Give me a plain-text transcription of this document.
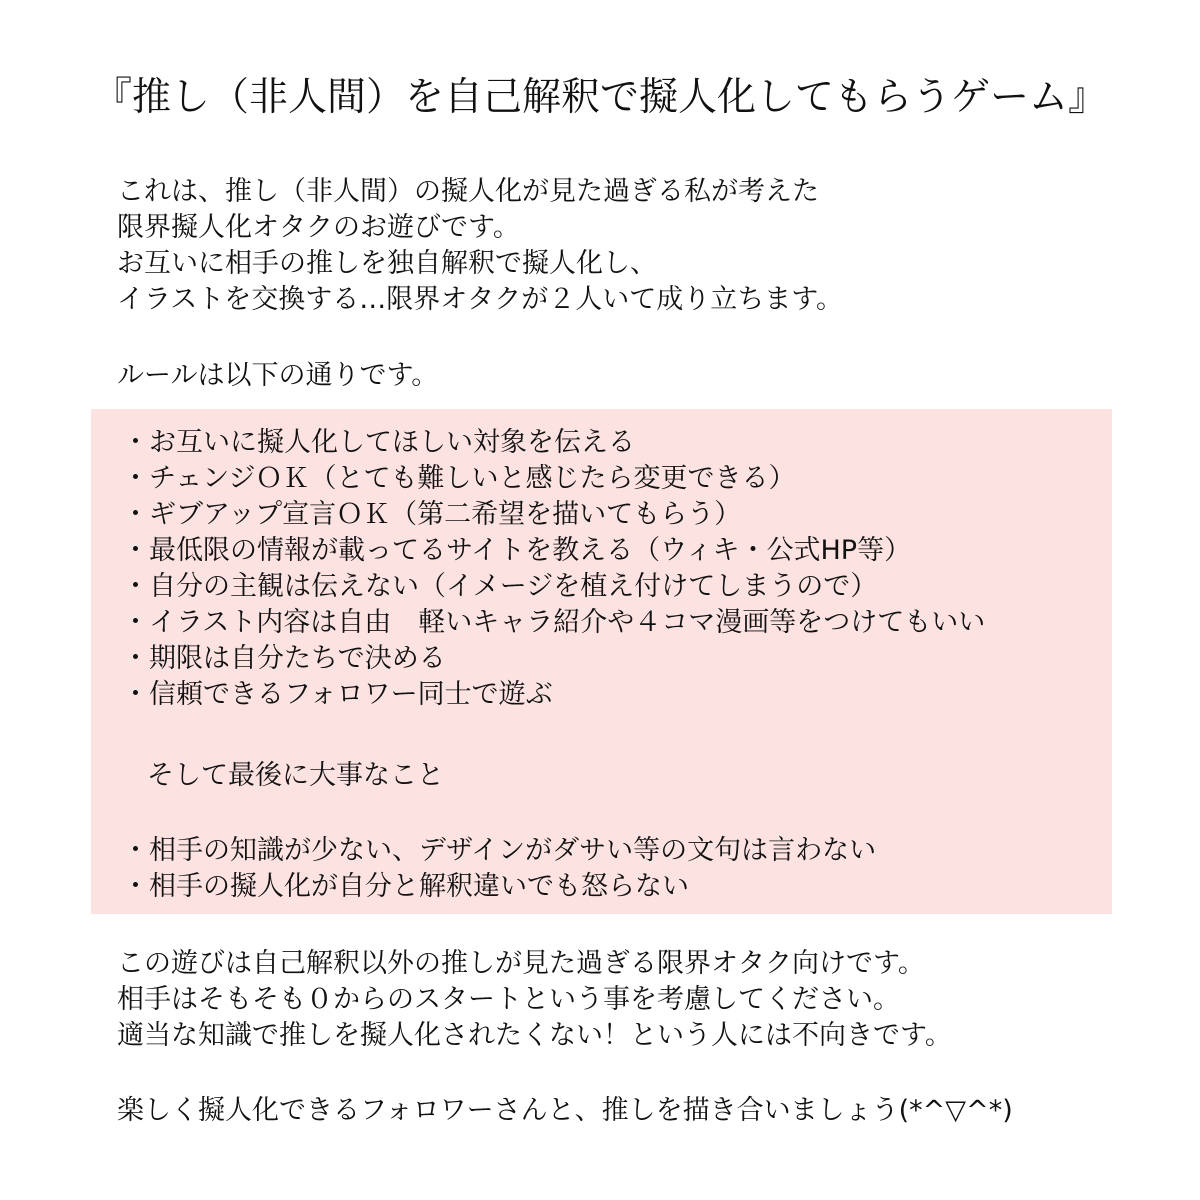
『推し（非人間）を自己解釈で擬人化してもらうゲーム』
これは、推し（非人間）の擬人化が見た過ぎる私が考えた
限界擬人化オタクのお遊びです。
お互いに相手の推しを独自解釈で擬人化し、
イラストを交換する…限界オタクが２人いて成り立ちます。
ルールは以下の通りです。
・お互いに擬人化してほしい対象を伝える
・チェンジＯＫ（とても難しいと感じたら変更できる）
・ギブアップ宣言ＯＫ（第二希望を描いてもらう）
・最低限の情報が載ってるサイトを教える（ウィキ・公式HP等）
・自分の主観は伝えない（イメージを植え付けてしまうので）
・イラスト内容は自由　軽いキャラ紹介や４コマ漫画等をつけてもいい
・期限は自分たちで決める
・信頼できるフォロワー同士で遊ぶ
そして最後に大事なこと
・相手の知識が少ない、デザインがダサい等の文句は言わない
・相手の擬人化が自分と解釈違いでも怒らない
この遊びは自己解釈以外の推しが見た過ぎる限界オタク向けです。
相手はそもそも０からのスタートという事を考慮してください。
適当な知識で推しを擬人化されたくない！という人には不向きです。
楽しく擬人化できるフォロワーさんと、推しを描き合いましょう(*^▽^*)
